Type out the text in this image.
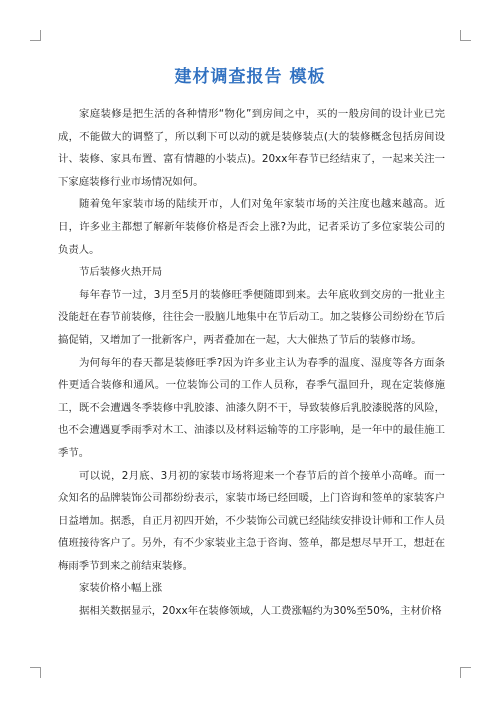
建材调查报告 模板

家庭装修是把生活的各种情形“物化”到房间之中，买的一般房间的设计业已完成，不能做大的调整了，所以剩下可以动的就是装修装点(大的装修概念包括房间设计、装修、家具布置、富有情趣的小装点)。20xx年春节已经结束了，一起来关注一下家庭装修行业市场情况如何。

随着兔年家装市场的陆续开市，人们对兔年家装市场的关注度也越来越高。近日，许多业主都想了解新年装修价格是否会上涨?为此，记者采访了多位家装公司的负责人。

节后装修火热开局

每年春节一过，3月至5月的装修旺季便随即到来。去年底收到交房的一批业主没能赶在春节前装修，往往会一股脑儿地集中在节后动工。加之装修公司纷纷在节后搞促销，又增加了一批新客户，两者叠加在一起，大大催热了节后的装修市场。

为何每年的春天都是装修旺季?因为许多业主认为春季的温度、湿度等各方面条件更适合装修和通风。一位装饰公司的工作人员称，春季气温回升，现在定装修施工，既不会遭遇冬季装修中乳胶漆、油漆久阴不干，导致装修后乳胶漆脱落的风险，也不会遭遇夏季雨季对木工、油漆以及材料运输等的工序影响，是一年中的最佳施工季节。

可以说，2月底、3月初的家装市场将迎来一个春节后的首个接单小高峰。而一众知名的品牌装饰公司都纷纷表示，家装市场已经回暖，上门咨询和签单的家装客户日益增加。据悉，自正月初四开始，不少装饰公司就已经陆续安排设计师和工作人员值班接待客户了。另外，有不少家装业主急于咨询、签单，都是想尽早开工，想赶在梅雨季节到来之前结束装修。

家装价格小幅上涨

据相关数据显示，20xx年在装修领域，人工费涨幅约为30%至50%，主材价格
